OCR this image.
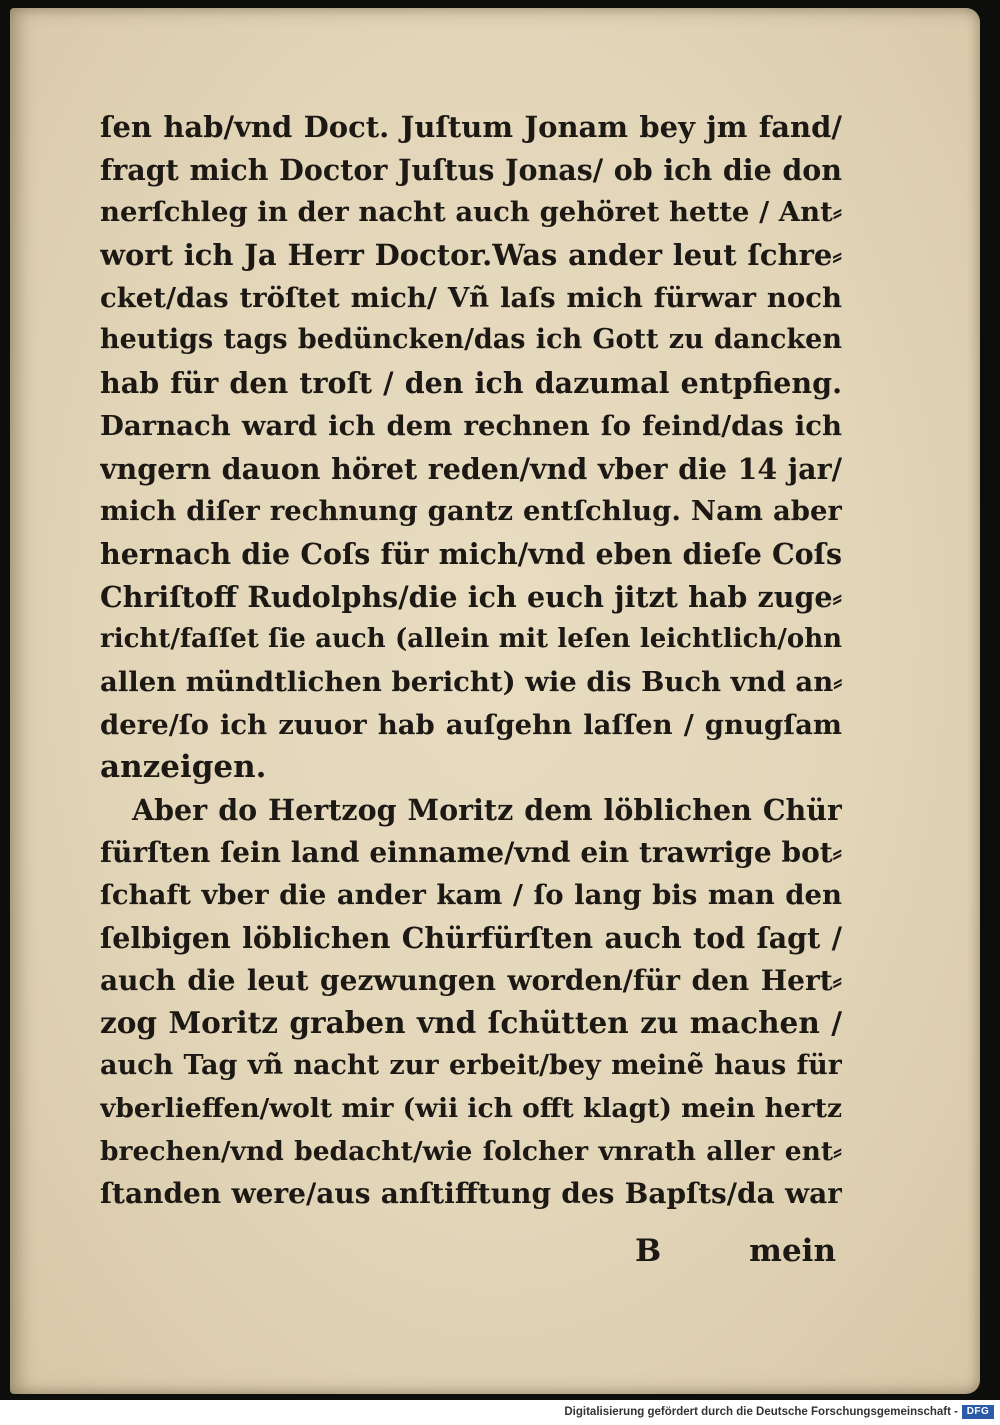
ſen hab/vnd Doct. Juſtum Jonam bey jm fand/
fragt mich Doctor Juſtus Jonas/ ob ich die don
nerſchleg in der nacht auch gehöret hette / Ant⸗
wort ich Ja Herr Doctor.Was ander leut ſchre⸗
cket/das tröſtet mich/ Vñ laſs mich fürwar noch
heutigs tags bedüncken/das ich Gott zu dancken
hab für den troſt / den ich dazumal entpfieng.
Darnach ward ich dem rechnen ſo feind/das ich
vngern dauon höret reden/vnd vber die 14 jar/
mich diſer rechnung gantz entſchlug. Nam aber
hernach die Coſs für mich/vnd eben dieſe Coſs
Chriſtoff Rudolphs/die ich euch jitzt hab zuge⸗
richt/faſſet ſie auch (allein mit leſen leichtlich/ohn
allen mündtlichen bericht) wie dis Buch vnd an⸗
dere/ſo ich zuuor hab auſgehn laſſen / gnugſam
anzeigen.
Aber do Hertzog Moritz dem löblichen Chür
fürſten ſein land einname/vnd ein trawrige bot⸗
ſchaft vber die ander kam / ſo lang bis man den
ſelbigen löblichen Chürfürſten auch tod ſagt /
auch die leut gezwungen worden/für den Hert⸗
zog Moritz graben vnd ſchütten zu machen /
auch Tag vñ nacht zur erbeit/bey meinẽ haus für
vberlieffen/wolt mir (wii ich offt klagt) mein hertz
brechen/vnd bedacht/wie ſolcher vnrath aller ent⸗
ſtanden were/aus anſtifftung des Bapſts/da war
B	mein
Digitalisierung gefördert durch die Deutsche Forschungsgemeinschaft - DFG
